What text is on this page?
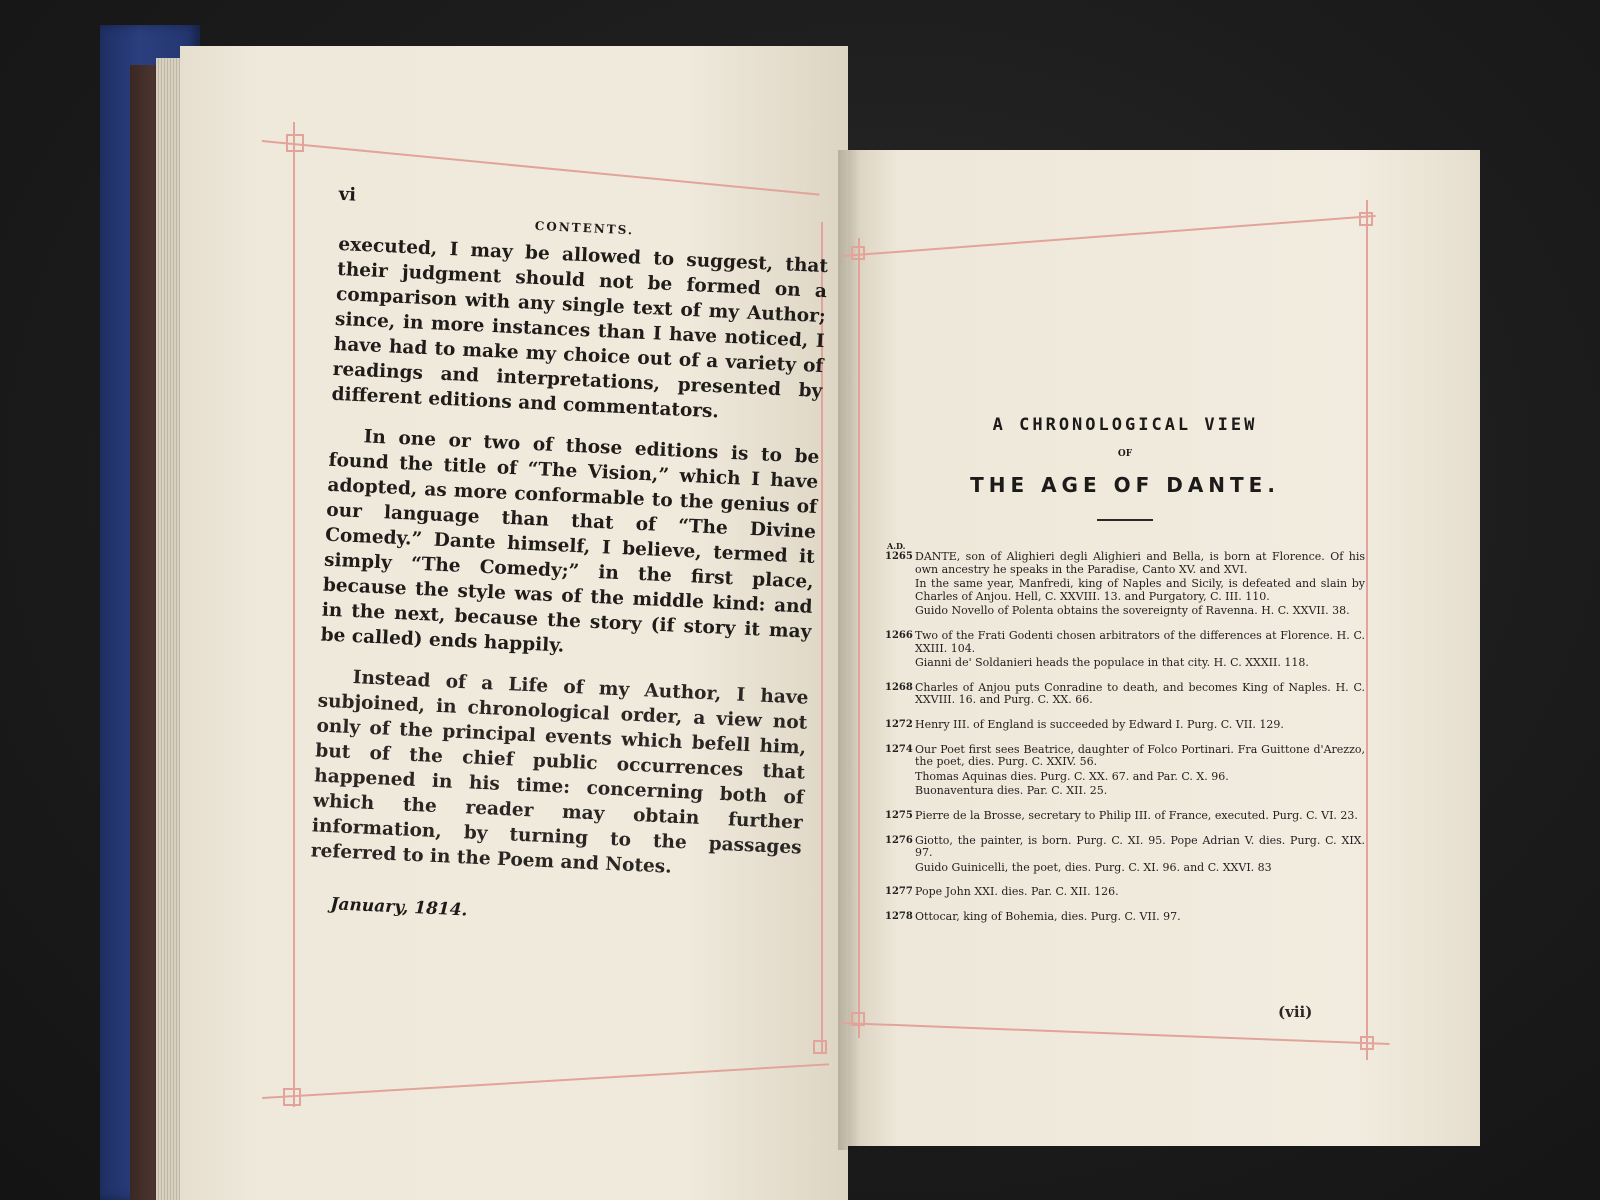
vi
CONTENTS.

executed, I may be allowed to suggest, that their judgment should not be formed on a comparison with any single text of my Author; since, in more instances than I have noticed, I have had to make my choice out of a variety of readings and interpretations, presented by different editions and commentators.

In one or two of those editions is to be found the title of “The Vision,” which I have adopted, as more conformable to the genius of our language than that of “The Divine Comedy.” Dante himself, I believe, termed it simply “The Comedy;” in the first place, because the style was of the middle kind: and in the next, because the story (if story it may be called) ends happily.

Instead of a Life of my Author, I have subjoined, in chronological order, a view not only of the principal events which befell him, but of the chief public occurrences that happened in his time: concerning both of which the reader may obtain further information, by turning to the passages referred to in the Poem and Notes.

January, 1814.
A CHRONOLOGICAL VIEW
OF
THE AGE OF DANTE.
A.D.
1265 DANTE, son of Alighieri degli Alighieri and Bella, is born at Florence. Of his own ancestry he speaks in the Paradise, Canto XV. and XVI.
In the same year, Manfredi, king of Naples and Sicily, is defeated and slain by Charles of Anjou. Hell, C. XXVIII. 13. and Purgatory, C. III. 110.
Guido Novello of Polenta obtains the sovereignty of Ravenna. H. C. XXVII. 38.
1266 Two of the Frati Godenti chosen arbitrators of the differences at Florence. H. C. XXIII. 104.
Gianni de' Soldanieri heads the populace in that city. H. C. XXXII. 118.
1268 Charles of Anjou puts Conradine to death, and becomes King of Naples. H. C. XXVIII. 16. and Purg. C. XX. 66.
1272 Henry III. of England is succeeded by Edward I. Purg. C. VII. 129.
1274 Our Poet first sees Beatrice, daughter of Folco Portinari. Fra Guittone d'Arezzo, the poet, dies. Purg. C. XXIV. 56.
Thomas Aquinas dies. Purg. C. XX. 67. and Par. C. X. 96.
Buonaventura dies. Par. C. XII. 25.
1275 Pierre de la Brosse, secretary to Philip III. of France, executed. Purg. C. VI. 23.
1276 Giotto, the painter, is born. Purg. C. XI. 95. Pope Adrian V. dies. Purg. C. XIX. 97.
Guido Guinicelli, the poet, dies. Purg. C. XI. 96. and C. XXVI. 83
1277 Pope John XXI. dies. Par. C. XII. 126.
1278 Ottocar, king of Bohemia, dies. Purg. C. VII. 97.
(vii)
